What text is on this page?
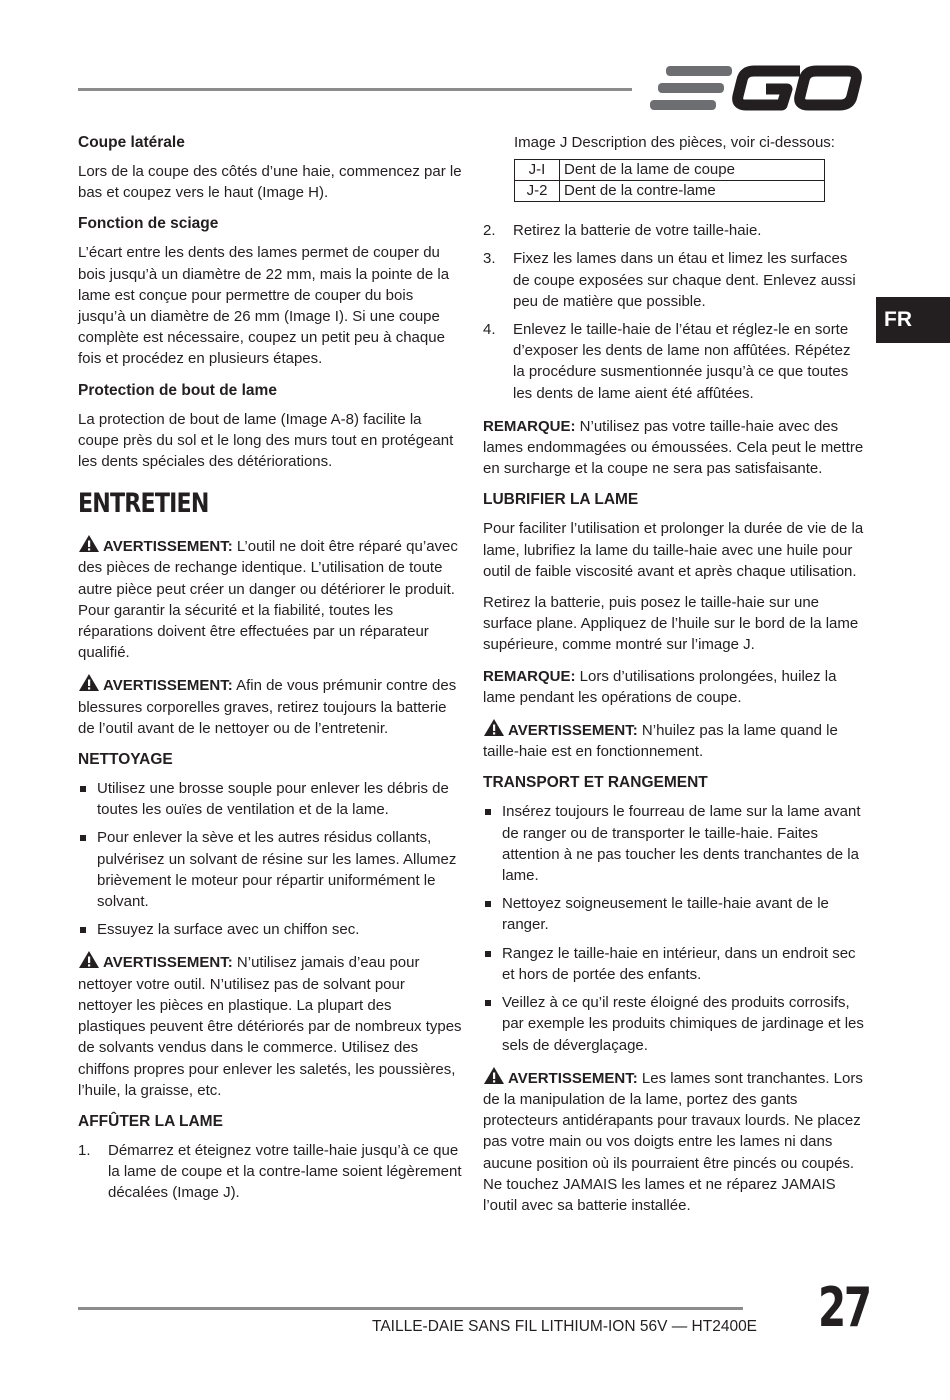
FR
Coupe latérale

Lors de la coupe des côtés d’une haie, commencez par le bas et coupez vers le haut (Image H).

Fonction de sciage

L’écart entre les dents des lames permet de couper du bois jusqu’à un diamètre de 22 mm, mais la pointe de la lame est conçue pour permettre de couper du bois jusqu’à un diamètre de 26 mm (Image I). Si une coupe complète est nécessaire, coupez un petit peu à chaque fois et procédez en plusieurs étapes.

Protection de bout de lame

La protection de bout de lame (Image A-8) facilite la coupe près du sol et le long des murs tout en protégeant les dents spéciales des détériorations.

ENTRETIEN

AVERTISSEMENT: L’outil ne doit être réparé qu’avec des pièces de rechange identique. L’utilisation de toute autre pièce peut créer un danger ou détériorer le produit. Pour garantir la sécurité et la fiabilité, toutes les réparations doivent être effectuées par un réparateur qualifié.

AVERTISSEMENT: Afin de vous prémunir contre des blessures corporelles graves, retirez toujours la batterie de l’outil avant de le nettoyer ou de l’entretenir.

NETTOYAGE
Utilisez une brosse souple pour enlever les débris de toutes les ouïes de ventilation et de la lame.
Pour enlever la sève et les autres résidus collants, pulvérisez un solvant de résine sur les lames. Allumez brièvement le moteur pour répartir uniformément le solvant.
Essuyez la surface avec un chiffon sec.

AVERTISSEMENT: N’utilisez jamais d’eau pour nettoyer votre outil. N’utilisez pas de solvant pour nettoyer les pièces en plastique. La plupart des plastiques peuvent être détériorés par de nombreux types de solvants vendus dans le commerce. Utilisez des chiffons propres pour enlever les saletés, les poussières, l’huile, la graisse, etc.

AFFÛTER LA LAME
1. Démarrez et éteignez votre taille-haie jusqu’à ce que la lame de coupe et la contre-lame soient légèrement décalées (Image J).

Image J Description des pièces, voir ci-dessous:

J-I	Dent de la lame de coupe
J-2	Dent de la contre-lame
2. Retirez la batterie de votre taille-haie.
3. Fixez les lames dans un étau et limez les surfaces de coupe exposées sur chaque dent. Enlevez aussi peu de matière que possible.
4. Enlevez le taille-haie de l’étau et réglez-le en sorte d’exposer les dents de lame non affûtées. Répétez la procédure susmentionnée jusqu’à ce que toutes les dents de lame aient été affûtées.

REMARQUE: N’utilisez pas votre taille-haie avec des lames endommagées ou émoussées. Cela peut le mettre en surcharge et la coupe ne sera pas satisfaisante.

LUBRIFIER LA LAME

Pour faciliter l’utilisation et prolonger la durée de vie de la lame, lubrifiez la lame du taille-haie avec une huile pour outil de faible viscosité avant et après chaque utilisation.

Retirez la batterie, puis posez le taille-haie sur une surface plane. Appliquez de l’huile sur le bord de la lame supérieure, comme montré sur l’image J.

REMARQUE: Lors d’utilisations prolongées, huilez la lame pendant les opérations de coupe.

AVERTISSEMENT: N’huilez pas la lame quand le taille-haie est en fonctionnement.

TRANSPORT ET RANGEMENT
Insérez toujours le fourreau de lame sur la lame avant de ranger ou de transporter le taille-haie. Faites attention à ne pas toucher les dents tranchantes de la lame.
Nettoyez soigneusement le taille-haie avant de le ranger.
Rangez le taille-haie en intérieur, dans un endroit sec et hors de portée des enfants.
Veillez à ce qu’il reste éloigné des produits corrosifs, par exemple les produits chimiques de jardinage et les sels de déverglaçage.

AVERTISSEMENT: Les lames sont tranchantes. Lors de la manipulation de la lame, portez des gants protecteurs antidérapants pour travaux lourds. Ne placez pas votre main ou vos doigts entre les lames ni dans aucune position où ils pourraient être pincés ou coupés. Ne touchez JAMAIS les lames et ne réparez JAMAIS l’outil avec sa batterie installée.

TAILLE-DAIE SANS FIL LITHIUM-ION 56V — HT2400E 27
